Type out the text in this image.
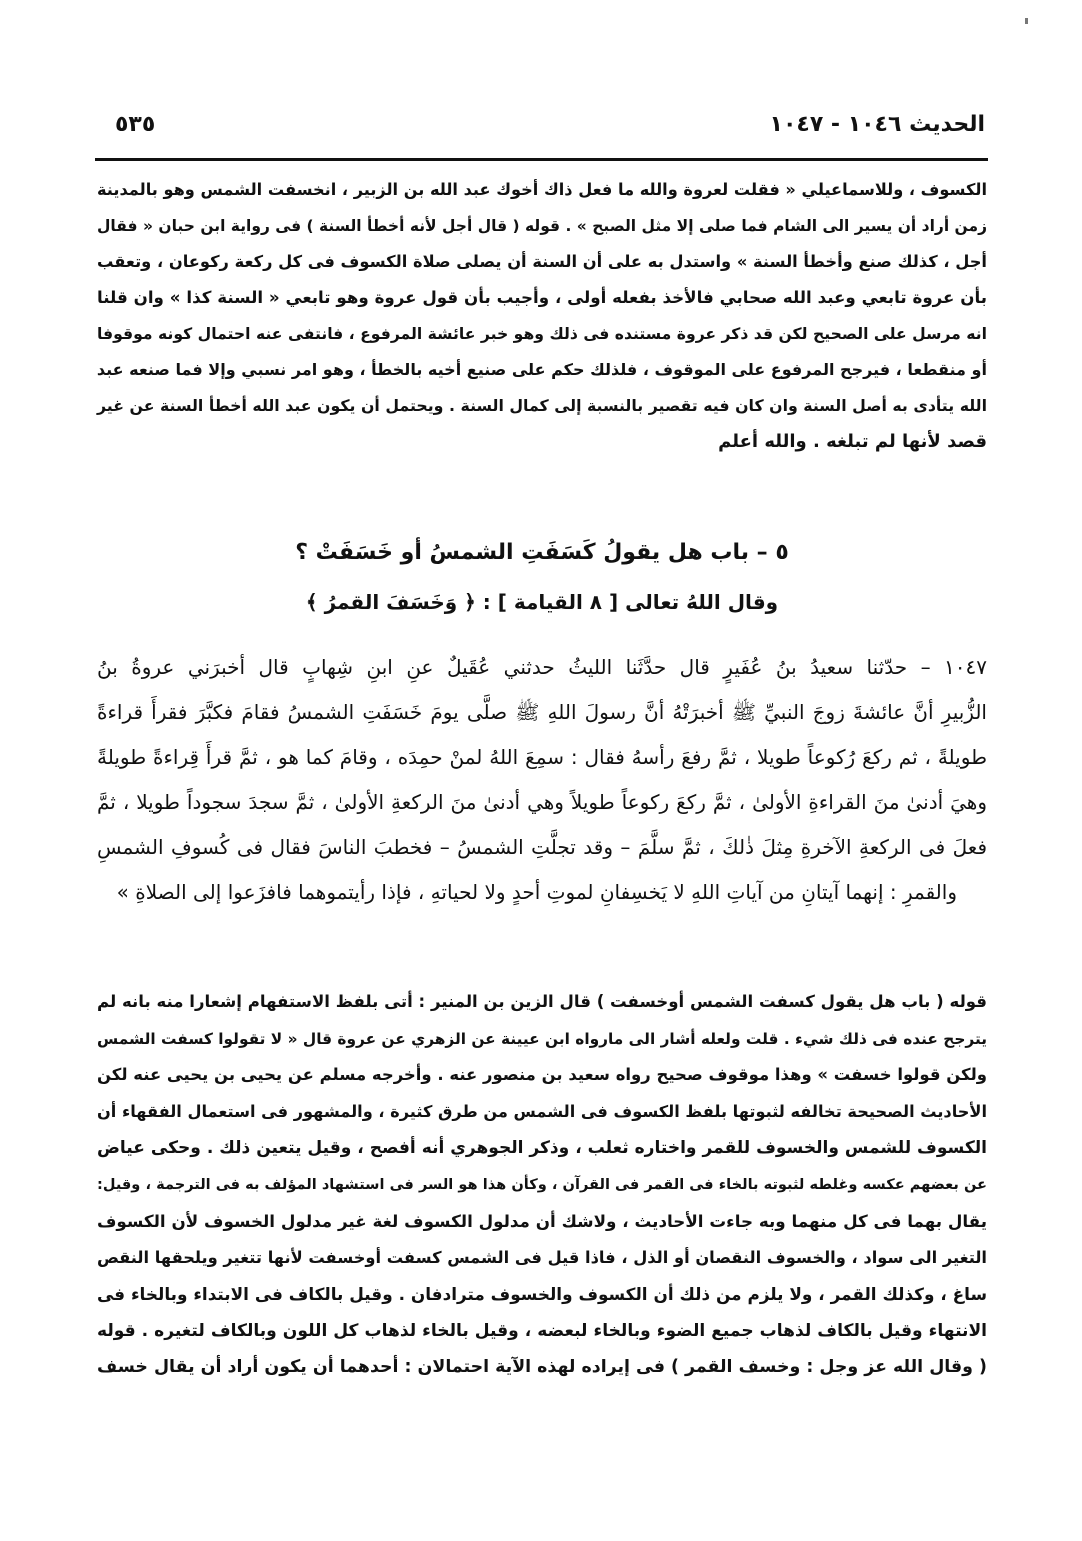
الحديث ١٠٤٦ - ١٠٤٧
٥٣٥
الكسوف ، وللاسماعيلي « فقلت لعروة والله ما فعل ذاك أخوك عبد الله بن الزبير ، انخسفت الشمس وهو بالمدينة
زمن أراد أن يسير الى الشام فما صلى إلا مثل الصبح » . قوله ( قال أجل لأنه أخطأ السنة ) فى رواية ابن حبان « فقال
أجل ، كذلك صنع وأخطأ السنة » واستدل به على أن السنة أن يصلى صلاة الكسوف فى كل ركعة ركوعان ، وتعقب
بأن عروة تابعي وعبد الله صحابي فالأخذ بفعله أولى ، وأجيب بأن قول عروة وهو تابعي « السنة كذا » وان قلنا
انه مرسل على الصحيح لكن قد ذكر عروة مستنده فى ذلك وهو خبر عائشة المرفوع ، فانتفى عنه احتمال كونه موقوفا
أو منقطعا ، فيرجح المرفوع على الموقوف ، فلذلك حكم على صنيع أخيه بالخطأ ، وهو امر نسبي وإلا فما صنعه عبد
الله يتأدى به أصل السنة وان كان فيه تقصير بالنسبة إلى كمال السنة . ويحتمل أن يكون عبد الله أخطأ السنة عن غير
قصد لأنها لم تبلغه . والله أعلم
٥ – باب هل يقولُ كَسَفَتِ الشمسُ أو خَسَفَتْ ؟
وقال اللهُ تعالى [ ٨ القيامة ] : ﴿ وَخَسَفَ القمرُ ﴾
١٠٤٧ – حدّثنا سعيدُ بنُ عُفَيرٍ قال حدَّثَنا الليثُ حدثني عُقَيلٌ عنِ ابنِ شِهابٍ قال أخبرَني عروةُ بنُ
الزُّبيرِ أنَّ عائشةَ زوجَ النبيِّ ﷺ أخبرَتْهُ أنَّ رسولَ اللهِ ﷺ صلَّى يومَ خَسَفَتِ الشمسُ فقامَ فكبَّرَ فقرأَ قراءةً
طويلةً ، ثم ركعَ رُكوعاً طويلا ، ثمَّ رفعَ رأسهُ فقال : سمِعَ اللهُ لمنْ حمِدَه ، وقامَ كما هو ، ثمَّ قرأَ قِراءةً طويلةً
وهيَ أدنىٰ منَ القراءةِ الأولىٰ ، ثمَّ ركعَ ركوعاً طويلاً وهي أدنىٰ منَ الركعةِ الأولىٰ ، ثمَّ سجدَ سجوداً طويلا ، ثمَّ
فعلَ فى الركعةِ الآخرةِ مِثلَ ذٰلكَ ، ثمَّ سلَّمَ – وقد تجلَّتِ الشمسُ – فخطبَ الناسَ فقال فى كُسوفِ الشمسِ
والقمرِ : إنهما آيتانِ من آياتِ اللهِ لا يَخسِفانِ لموتِ أحدٍ ولا لحياتهِ ، فإذا رأيتموهما فافزَعوا إلى الصلاةِ »
قوله ( باب هل يقول كسفت الشمس أوخسفت ) قال الزين بن المنير : أتى بلفظ الاستفهام إشعارا منه بانه لم
يترجح عنده فى ذلك شيء . قلت ولعله أشار الى مارواه ابن عيينة عن الزهري عن عروة قال « لا تقولوا كسفت الشمس
ولكن قولوا خسفت » وهذا موقوف صحيح رواه سعيد بن منصور عنه . وأخرجه مسلم عن يحيى بن يحيى عنه لكن
الأحاديث الصحيحة تخالفه لثبوتها بلفظ الكسوف فى الشمس من طرق كثيرة ، والمشهور فى استعمال الفقهاء أن
الكسوف للشمس والخسوف للقمر واختاره ثعلب ، وذكر الجوهري أنه أفصح ، وقيل يتعين ذلك . وحكى عياض
عن بعضهم عكسه وغلطه لثبوته بالخاء فى القمر فى القرآن ، وكأن هذا هو السر فى استشهاد المؤلف به فى الترجمة ، وقيل:
يقال بهما فى كل منهما وبه جاءت الأحاديث ، ولاشك أن مدلول الكسوف لغة غير مدلول الخسوف لأن الكسوف
التغير الى سواد ، والخسوف النقصان أو الذل ، فاذا قيل فى الشمس كسفت أوخسفت لأنها تتغير ويلحقها النقص
ساغ ، وكذلك القمر ، ولا يلزم من ذلك أن الكسوف والخسوف مترادفان . وقيل بالكاف فى الابتداء وبالخاء فى
الانتهاء وقيل بالكاف لذهاب جميع الضوء وبالخاء لبعضه ، وقيل بالخاء لذهاب كل اللون وبالكاف لتغيره . قوله
( وقال الله عز وجل : وخسف القمر ) فى إيراده لهذه الآية احتمالان : أحدهما أن يكون أراد أن يقال خسف
